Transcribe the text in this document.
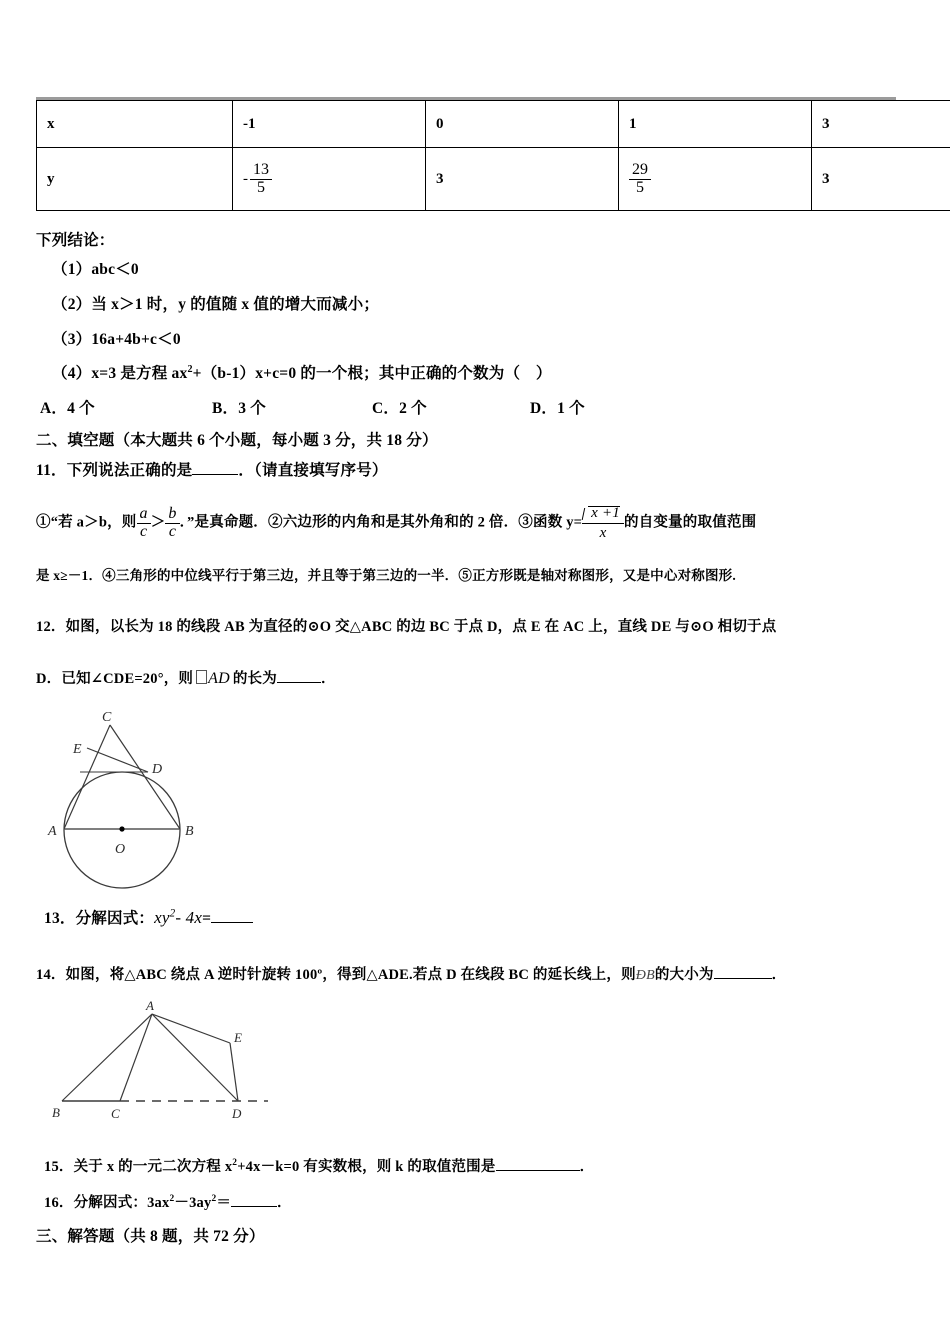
x	-1	0	1	3
y	- $\frac{13}{5}$	3	$\frac{29}{5}$	3
下列结论：
（1）abc＜0
（2）当 x＞1 时，y 的值随 x 值的增大而减小；
（3）16a+4b+c＜0
（4）x=3 是方程 $ax^2+(b-1)x+c=0$ 的一个根；其中正确的个数为（　）
A．4 个	B．3 个	C．2 个	D．1 个
二、填空题（本大题共 6 个小题，每小题 3 分，共 18 分）
11．下列说法正确的是	．（请直接填写序号）
①“若 a＞b，则 $\frac{a}{c} > \frac{b}{c}$ ．”是真命题．②六边形的内角和是其外角和的 2 倍．③函数 $y= \frac{x +1}{x}$ 的自变量的取值范围
是 x≥－1．④三角形的中位线平行于第三边，并且等于第三边的一半．⑤正方形既是轴对称图形，又是中心对称图形.
12．如图，以长为 18 的线段 AB 为直径的⊙O 交△ABC 的边 BC 于点 D，点 E 在 AC 上，直线 DE 与⊙O 相切于点
D．已知∠CDE=20°，则 AD 的长为	．
C
E
D
A	B
O
13．分解因式：$xy^2-$ 4x=
14．如图，将△ABC 绕点 A 逆时针旋转 100º，得到△ADE.若点 D 在线段 BC 的延长线上，则ÐB的大小为	．
A
E
B	C	D
15．关于 x 的一元二次方程 $x^2+4x-k=0$ 有实数根，则 k 的取值范围是	．
16．分解因式：$3ax^2-3ay^2=$	．
三、解答题（共 8 题，共 72 分）
